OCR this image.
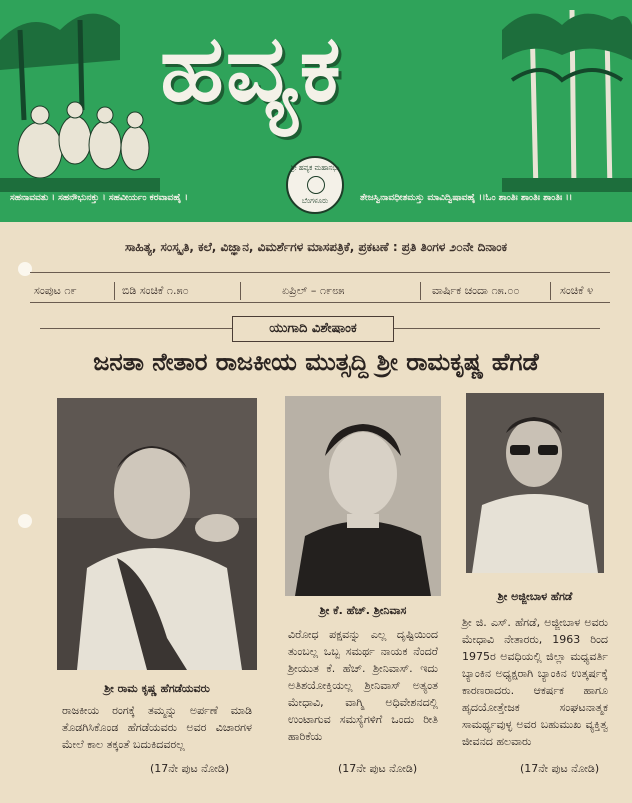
ಹವ್ಯಕ
ಸಹನಾವವತು । ಸಹನೌಭುನಕ್ತು । ಸಹವೀರ್ಯಂ ಕರವಾವಹೈ ।	ತೇಜಸ್ವಿನಾವಧೀತಮಸ್ತು ಮಾವಿದ್ವಿಷಾವಹೈ ।।ಓಂ ಶಾಂತಿಃ ಶಾಂತಿಃ ಶಾಂತಿಃ ।।
ಶ್ರೀ ಹವ್ಯಕ ಮಹಾಸಭಾ
ಬೆಂಗಳೂರು
ಸಾಹಿತ್ಯ, ಸಂಸ್ಕೃತಿ, ಕಲೆ, ವಿಜ್ಞಾನ, ವಿಮರ್ಶೆಗಳ ಮಾಸಪತ್ರಿಕೆ, ಪ್ರಕಟಣೆ : ಪ್ರತಿ ತಿಂಗಳ ೨೦ನೇ ದಿನಾಂಕ
ಸಂಪುಟ ೧೯	ಬಿಡಿ ಸಂಚಿಕೆ ೧.೫೦	ಏಪ್ರಿಲ್ – ೧೯೮೫	ವಾರ್ಷಿಕ ಚಂದಾ ೧೫.೦೦	ಸಂಚಿಕೆ ೪
ಯುಗಾದಿ ವಿಶೇಷಾಂಕ
ಜನತಾ ನೇತಾರ ರಾಜಕೀಯ ಮುತ್ಸದ್ದಿ ಶ್ರೀ ರಾಮಕೃಷ್ಣ ಹೆಗಡೆ
ಶ್ರೀ ರಾಮ ಕೃಷ್ಣ ಹೆಗಡೆಯವರು
ರಾಜಕೀಯ ರಂಗಕ್ಕೆ ತಮ್ಮನ್ನು ಅರ್ಪಣೆ ಮಾಡಿ ತೊಡಗಿಸಿಕೊಂಡ ಹೆಗಡೆಯವರು ಅವರ ವಿಚಾರಗಳ ಮೇಲೆ ಕಾಲ ತಕ್ಕಂತೆ ಬದುಕಿದವರಲ್ಲ
(17ನೇ ಪುಟ ನೋಡಿ)
ಶ್ರೀ ಕೆ. ಹೆಚ್. ಶ್ರೀನಿವಾಸ
ವಿರೋಧ ಪಕ್ಷವನ್ನು ಎಲ್ಲ ದೃಷ್ಟಿಯಿಂದ ತುಂಬಲ್ಲ ಒಬ್ಬ ಸಮರ್ಥ ನಾಯಕ ನೆಂದರೆ ಶ್ರೀಯುತ ಕೆ. ಹೆಚ್. ಶ್ರೀನಿವಾಸ್. ಇದು ಅತಿಶಯೋಕ್ತಿಯಲ್ಲ ಶ್ರೀನಿವಾಸ್ ಅತ್ಯಂತ ಮೇಧಾವಿ, ವಾಗ್ಮಿ ಅಧಿವೇಶನದಲ್ಲಿ ಉಂಟಾಗುವ ಸಮಸ್ಯೆಗಳಿಗೆ ಒಂದು ರೀತಿ ಹಾರಿಕೆಯ
(17ನೇ ಪುಟ ನೋಡಿ)
ಶ್ರೀ ಅಜ್ಜೀಬಾಳ ಹೆಗಡೆ
ಶ್ರೀ ಜಿ. ಎಸ್. ಹೆಗಡೆ, ಅಜ್ಜೀಬಾಳ ಅವರು ಮೇಧಾವಿ ನೇತಾರರು, 1963 ರಿಂದ 1975ರ ಅವಧಿಯಲ್ಲಿ ಜಿಲ್ಲಾ ಮಧ್ಯವರ್ತಿ ಬ್ಯಾಂಕಿನ ಅಧ್ಯಕ್ಷರಾಗಿ ಬ್ಯಾಂಕಿನ ಉತ್ಕರ್ಷಕ್ಕೆ ಕಾರಣರಾದರು. ಆಕರ್ಷಕ ಹಾಗೂ ಹೃದಯೋತ್ತೇಜಕ ಸಂಘಟನಾತ್ಮಕ ಸಾಮರ್ಥ್ಯವುಳ್ಳ ಅವರ ಬಹುಮುಖ ವ್ಯಕ್ತಿತ್ವ ಜೀವನದ ಹಲವಾರು
(17ನೇ ಪುಟ ನೋಡಿ)
